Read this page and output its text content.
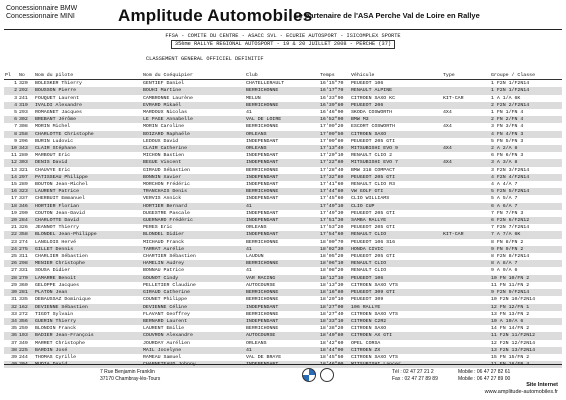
Concessionnaire BMW
Concessionnaire MINI	Amplitude Automobiles
Le partenaire de l'ASA Perche Val de Loire en Rallye
FFSA - COMITE DU CENTRE - ASACC SVL - ECURIE AUTOSPORT - ISICOMPLEX SPORTE
35ème RALLYE REGIONAL AUTOSPORT - 19 & 20 JUILLET 2008 - PERCHE (37)
CLASSEMENT GENERAL OFFICIEL DEFINITIF
Pl	No	Nom du pilote	Nom du Coéquipier	Club	Temps	Véhicule	Type	Groupe / Classe
1	320	BOLESKER Thierry	GENTIEF Daniel	CHATELLERAULT	16'15"70	PEUGEOT 106		1 F2N 1/F2N14
2	292	BOUSSON Pierre	BOUHI Martine	BERRICHONNE	16'17"70	RENAULT ALPINE		1 F2N 1/F2N14
3	241	FOUQUET Laurent	CAMBRONNE Laurène	MELUN	16'33"90	CITROEN SAXO KC	KIT-CAR	1 A 1/A 6K
4	319	IVALDI Alexandre	EVRARD Mikaël	BERRICHONNE	16'39"80	PEUGEOT 206		2 F2N 2/F2N14
5	293	ROMAGNET Jacques	MARDOUX Nicolas	41	16'46"00	SKODA COSWORTH	4X4	1 FN 1/FN 4
6	302	BREBANT Jérôme	LE PAGE Annabelle	VAL DE LOIRE	16'52"90	BMW M3		2 FN 2/FN 4
7	308	MORIN Michel	MORIN Caroline	BERRICHONNE	17'09"20	ESCORT COSWORTH	4X4	3 FN 3/FN 4
8	258	CHARLOTTE Christophe	BOIZARD Raphaële	ORLEANS	17'09"50	CITROEN SAXO		4 FN 4/FN 3
9	296	BURIN Ludovic	LEDOUX David	INDEPENDANT	17'09"80	PEUGEOT 205 GTI		5 FN 5/FN 3
10	343	CLAIR Stéphane	CLAIR Catherine	ORLEANS	17'13"40	MITSUBISHI EVO 9	4X4	2 A 2/A 8
11	280	MARBOUT Eric	MICHON Bastien	INDEPENDANT	17'20"10	RENAULT CLIO 2		6 FN 6/FN 3
12	303	DENIS David	BEGUE Vincent	INDEPENDANT	17'22"80	MITSUBISHI EVO 7	4X4	3 A 3/A 8
13	321	CHAUVYE Eric	GIRAUD Sébastien	BERRICHONNE	17'28"40	BMW 318 COMPACT		3 F2N 3/F2N14
14	297	PATISSEAU Philippe	BONNIN Xavier	INDEPENDANT	17'32"80	PEUGEOT 205 GTI		4 F2N 4/F2N14
15	289	BOUTON Jean-Michel	MORCHON Frédéric	INDEPENDANT	17'41"60	RENAULT CLIO R3		4 A 4/A 7
16	323	LAURENT Patrice	TRANCHAIS Denis	BERRICHONNE	17'44"80	VW GOLF GTI		5 F2N 5/F2N14
17	337	CHERBUIT Emmanuel	VERVIS Annick	INDEPENDANT	17'45"60	CLIO WILLIAMS		5 A 5/A 7
18	346	HORTIER Florian	HORTIER Bernard	41	17'49"10	CLIO CUP		6 A 6/A 7
19	290	COUTON Jean-David	DUGESTRE Pascale	INDEPENDANT	17'49"30	PEUGEOT 205 GTI		7 FN 7/FN 3
20	284	CHARLOTTE David	GUERNARD Frédéric	INDEPENDANT	17'51"30	SAMBA RALLYE		6 F2N 6/F2N12
21	326	JEANNOT Thierry	PERES Eric	ORLEANS	17'53"20	PEUGEOT 205 GTI		7 F2N 7/F2N14
22	358	BLONDEL Jean-Philippe	BLONDEL Didier	INDEPENDANT	17'54"60	RENAULT CLIO	KIT-CAR	7 A 7/A 6K
23	274	LANGLOIS Hervé	MICHAUD Franck	BERRICHONNE	18'00"70	PEUGEOT 106 S16		8 FN 8/FN 2
24	275	GILLET Dennis	TARRAT Aurélie	41	18'02"30	HONDA CIVIC		9 FN 9/FN 2
25	311	CHARLIER Sébastien	CHARTIER Sébastien	LAUDUN	18'05"20	PEUGEOT 205 GTI		8 F2N 8/F2N14
26	298	MENIER Christophe	HAMELIN Audrey	BERRICHONNE	18'06"10	RENAULT CLIO		8 A 8/A 7
27	331	SOUSA Didier	BONNAU Patrice	41	18'08"20	RENAULT CLIO		9 A 9/A 6
28	270	LAMARRE Benoit	GOUNOT Cindy	VAR RACING	18'12"10	PEUGEOT 106		10 FN 10/FN 2
29	360	GELOPPE Jacques	PELLETIER Claudine	AUTOCOURSE	18'13"30	CITROEN SAXO VTS		11 FN 11/FN 2
30	281	PLATON Jean	GIRAUD Catherine	BERRICHONNE	18'16"80	PEUGEOT 309 GTI		9 F2N 9/F2N14
31	335	DEBAUSSAZ Dominique	COUNET Philippe	BERRICHONNE	18'20"10	PEUGEOT 309		10 F2N 10/F2N14
32	162	DEVIENNE Sébastien	DEVIENNE Céline	INDEPENDANT	18'27"00	106 RALLYE		12 FN 12/FN 1
33	272	TIGOT Sylvain	FLAVANT Geoffrey	BERRICHONNE	18'27"40	CITROEN SAXO VTS		13 FN 13/FN 2
34	356	GUERIN Thierry	BERNARD Laurent	INDEPENDANT	18'33"10	CITROEN C2R2		10 A 10/A 6
35	259	BLONDIN Franck	LAURENT Emilie	BERRICHONNE	18'38"20	CITROEN SAXO		14 FN 14/FN 2
36	103	BADIER Jean-François	COUVRON Alexandre	AUTOCOURSE	18'40"80	CITROEN AX GTI		11 F2N 11/F2N12
37	349	MARRET Christophe	JOURDAY Aurélien	ORLEANS	18'42"60	OPEL CORSA		12 F2N 12/F2N14
38	225	BARDIN José	MAIL Jocelyne	41	18'44"00	CITROEN ZX		13 F2N 13/F2N14
39	244	THOMAS Cyrille	RAMEAU Samuel	VAL DE BRAYE	18'45"50	CITROEN SAXO VTS		15 FN 15/FN 2

7 Rue Benjamin Franklin
37170 Chambray-lès-Tours
Tél : 02 47 27 21 2
Fax : 02 47 27 89 89
Mobile : 06 47 27 82 61
Mobile : 06 47 27 89 00
Site Internet
www.amplitude-automobiles.fr
